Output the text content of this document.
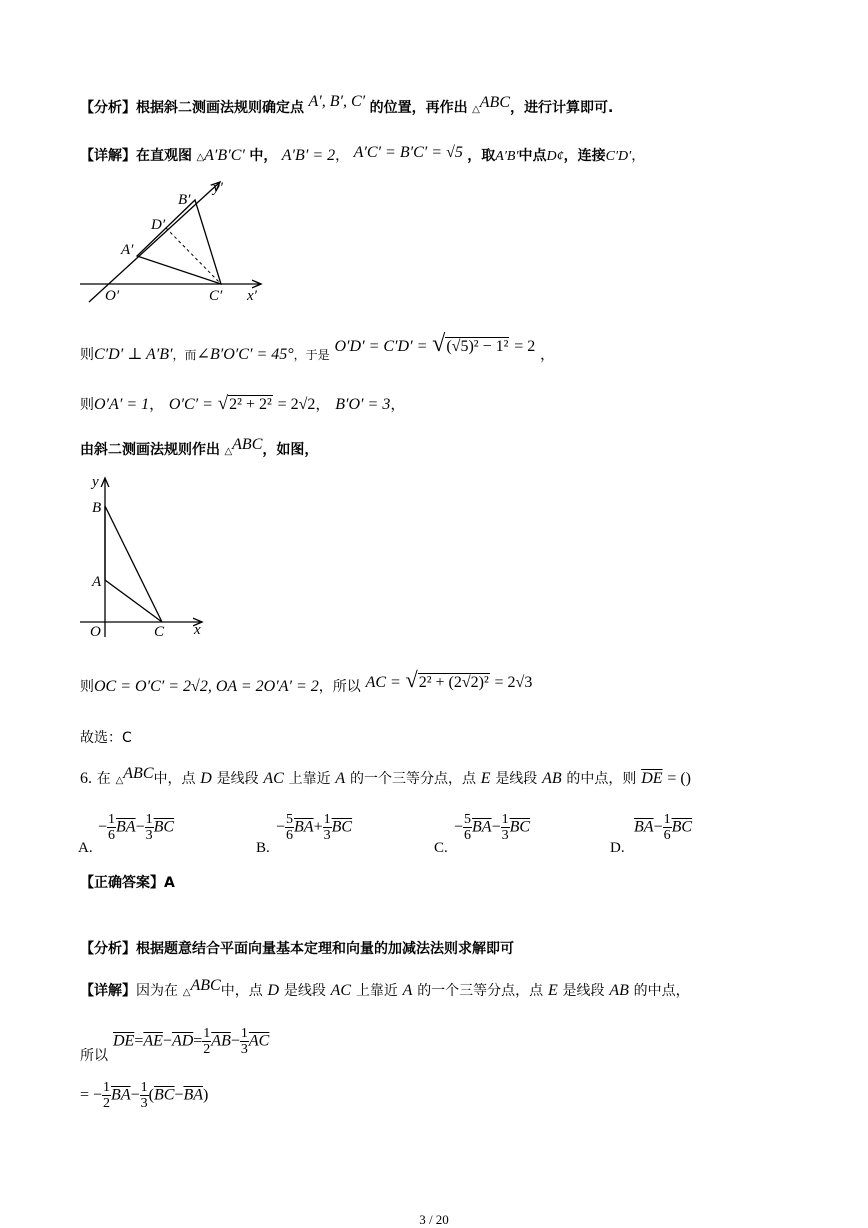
【分析】根据斜二测画法规则确定点 A′, B′, C′ 的位置，再作出 △ABC，进行计算即可.
【详解】在直观图 △A′B′C′ 中， A′B′ = 2， A′C′ = B′C′ = √5 ，取A′B′中点D¢，连接C′D′，
B′
y′
D′
A′
O′	C′ x′
则C′D′ ⊥ A′B′，而∠B′O′C′ = 45°，于是 O′D′ = C′D′ = √(√5)² − 1² = 2 ，
则O′A′ = 1， O′C′ = √2² + 2² = 2√2， B′O′ = 3，
由斜二测画法规则作出 △ABC，如图，
y
B
A
O	C x
则OC = O′C′ = 2√2, OA = 2O′A′ = 2，所以 AC = √2² + (2√2)² = 2√3
故选：C
6. 在 △ABC中，点 D 是线段 AC 上靠近 A 的一个三等分点，点 E 是线段 AB 的中点，则 $\overline{DE}$ = ()
A.
− $\frac{1}{6} \overline{BA}- \frac{1}{3} \overline{BC}$
B.
− $\frac{5}{6} \overline{BA}+ \frac{1}{3} \overline{BC}$
C.
− $\frac{5}{6} \overline{BA}- \frac{1}{3} \overline{BC}$
D.
$\overline{BA}- \frac{1}{6} \overline{BC}$
【正确答案】A
【分析】根据题意结合平面向量基本定理和向量的加减法法则求解即可
【详解】因为在 △ABC中，点 D 是线段 AC 上靠近 A 的一个三等分点，点 E 是线段 AB 的中点，
$\overline{DE}=\overline{AE}-\overline{AD}= \frac{1}{2} \overline{AB}- \frac{1}{3} \overline{AC}$
所以
= − $\frac{1}{2} \overline{BA}- \frac{1}{3} (\overline{BC}-\overline{BA})$
3 / 20
